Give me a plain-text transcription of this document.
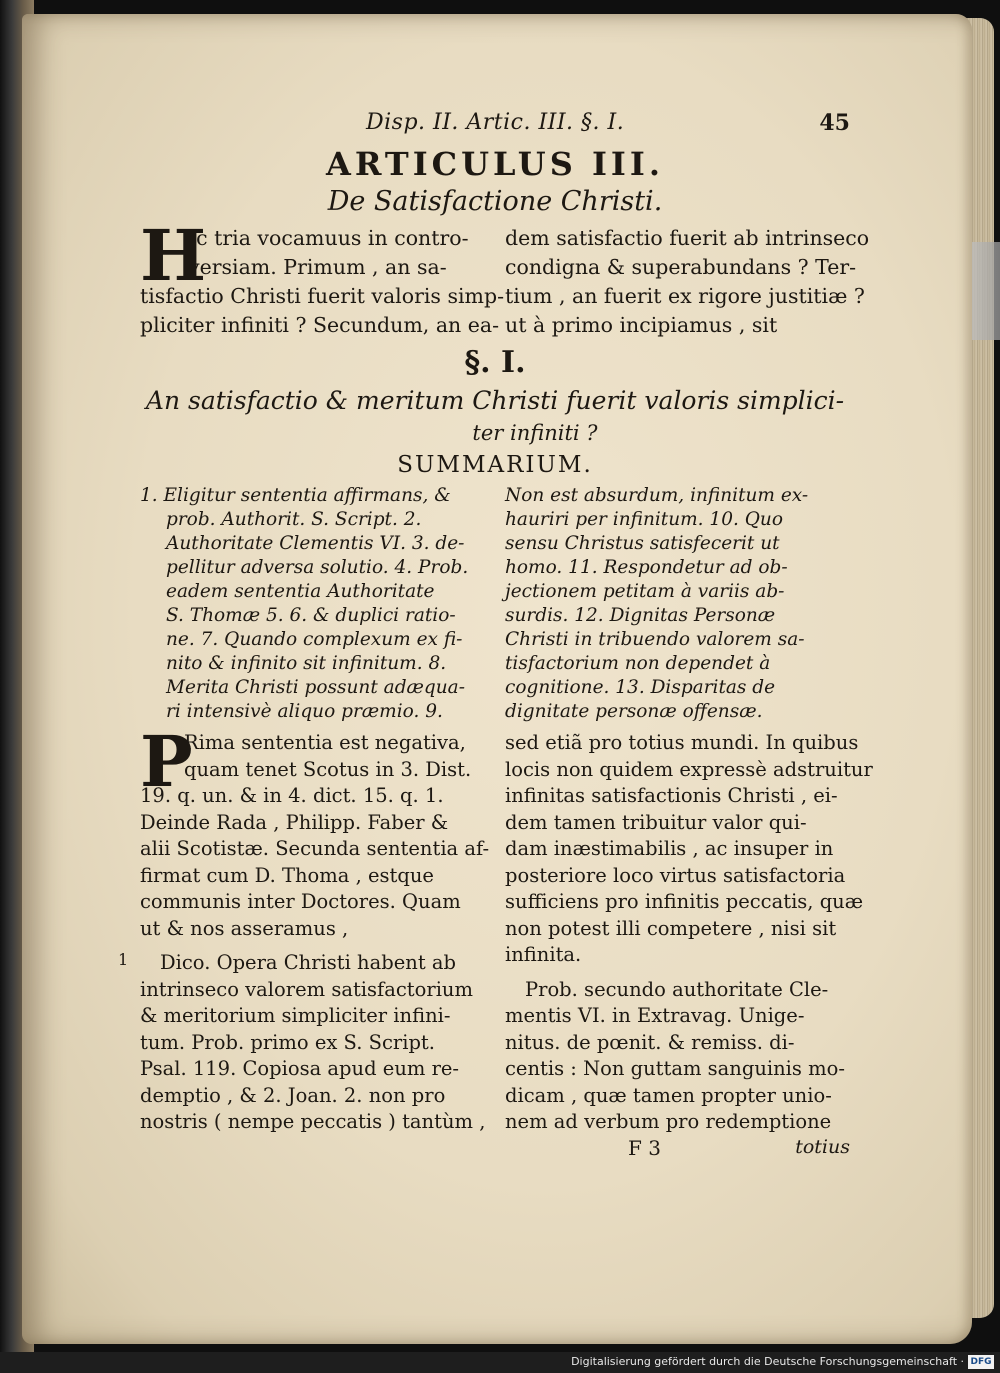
Disp. II. Artic. III. §. I.	45
ARTICULUS III.
De Satisfactione Christi.
H
Ic tria vocamuus in contro-
versiam. Primum , an sa-
tisfactio Christi fuerit valoris simp-
pliciter infiniti ? Secundum, an ea-
dem satisfactio fuerit ab intrinseco
condigna & superabundans ? Ter-
tium , an fuerit ex rigore justitiæ ?
ut à primo incipiamus , sit
§. I.
An satisfactio & meritum Christi fuerit valoris simplici-
ter infiniti ?
SUMMARIUM.
1. Eligitur sententia affirmans, &
prob. Authorit. S. Script. 2.
Authoritate Clementis VI. 3. de-
pellitur adversa solutio. 4. Prob.
eadem sententia Authoritate
S. Thomæ 5. 6. & duplici ratio-
ne. 7. Quando complexum ex fi-
nito & infinito sit infinitum. 8.
Merita Christi possunt adæqua-
ri intensivè aliquo præmio. 9.
Non est absurdum, infinitum ex-
hauriri per infinitum. 10. Quo
sensu Christus satisfecerit ut
homo. 11. Respondetur ad ob-
jectionem petitam à variis ab-
surdis. 12. Dignitas Personæ
Christi in tribuendo valorem sa-
tisfactorium non dependet à
cognitione. 13. Disparitas de
dignitate personæ offensæ.
P
Rima sententia est negativa,
quam tenet Scotus in 3. Dist.
19. q. un. & in 4. dict. 15. q. 1.
Deinde Rada , Philipp. Faber &
alii Scotistæ. Secunda sententia af-
firmat cum D. Thoma , estque
communis inter Doctores. Quam
ut & nos asseramus ,
1	Dico. Opera Christi habent ab
intrinseco valorem satisfactorium
& meritorium simpliciter infini-
tum. Prob. primo ex S. Script.
Psal. 119. Copiosa apud eum re-
demptio , & 2. Joan. 2. non pro
nostris ( nempe peccatis ) tantùm ,
sed etiã pro totius mundi. In quibus
locis non quidem expressè adstruitur
infinitas satisfactionis Christi , ei-
dem tamen tribuitur valor qui-
dam inæstimabilis , ac insuper in
posteriore loco virtus satisfactoria
sufficiens pro infinitis peccatis, quæ
non potest illi competere , nisi sit
infinita.
Prob. secundo authoritate Cle-
mentis VI. in Extravag. Unige-
nitus. de pœnit. & remiss. di-
centis : Non guttam sanguinis mo-
dicam , quæ tamen propter unio-
nem ad verbum pro redemptione
F 3	totius
Digitalisierung gefördert durch die Deutsche Forschungsgemeinschaft · DFG
